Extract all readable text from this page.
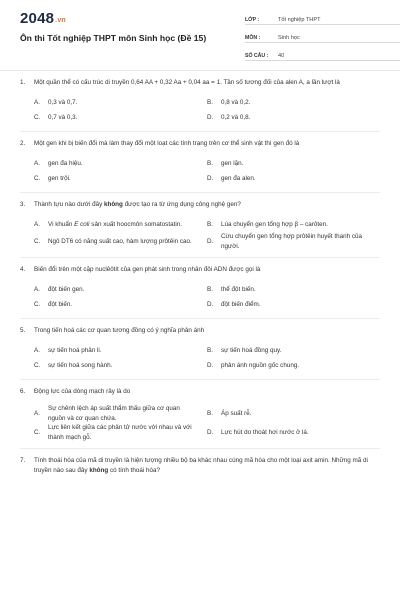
2048.vn
Ôn thi Tốt nghiệp THPT môn Sinh học (Đề 15)
LỚP :	Tốt nghiệp THPT
MÔN :	Sinh học
SỐ CÂU :	40
1. Một quần thể có cấu trúc di truyền 0,64 AA + 0,32 Aa + 0,04 aa = 1. Tần số tương đối của alen A, a lần lượt là
A.	0,3 và 0,7.	B.	0,8 và 0,2.
C.	0,7 và 0,3.	D.	0,2 và 0,8.
2. Một gen khi bị biến đổi mà làm thay đổi một loạt các tính trạng trên cơ thể sinh vật thì gen đó là
A.	gen đa hiệu.	B.	gen lặn.
C.	gen trội.	D.	gen đa alen.
3. Thành tựu nào dưới đây không được tạo ra từ ứng dụng công nghệ gen?
A.	Vi khuẩn E coli sản xuất hoocmôn somatostatin.	B.	Lúa chuyển gen tổng hợp β – carôten.
C.	Ngô DT6 có năng suất cao, hàm lượng prôtêin cao.	D.
Cừu chuyển gen tổng hợp prôtêin huyết thanh của người.
4. Biến đổi trên một cặp nuclêôtit của gen phát sinh trong nhân đôi ADN được gọi là
A.	đột biến gen.	B.	thể đột biến.
C.	đột biến.	D.	đột biến điểm.
5. Trong tiến hoá các cơ quan tương đồng có ý nghĩa phản ánh
A.	sự tiến hoá phân li.	B.	sự tiến hoá đồng quy.
C.	sự tiến hoá song hành.	D.	phản ánh nguồn gốc chung.
6. Động lực của dòng mạch rây là do
A.
Sự chênh lệch áp suất thẩm thấu giữa cơ quan nguồn và cơ quan chứa.
B.	Áp suất rễ.
C.
Lực liên kết giữa các phân tử nước với nhau và với thành mạch gỗ.
D.	Lực hút do thoát hơi nước ở lá.
7. Tính thoái hóa của mã di truyền là hiện tượng nhiều bộ ba khác nhau cùng mã hóa cho một loại axit amin. Những mã di truyền nào sau đây không có tính thoái hóa?
